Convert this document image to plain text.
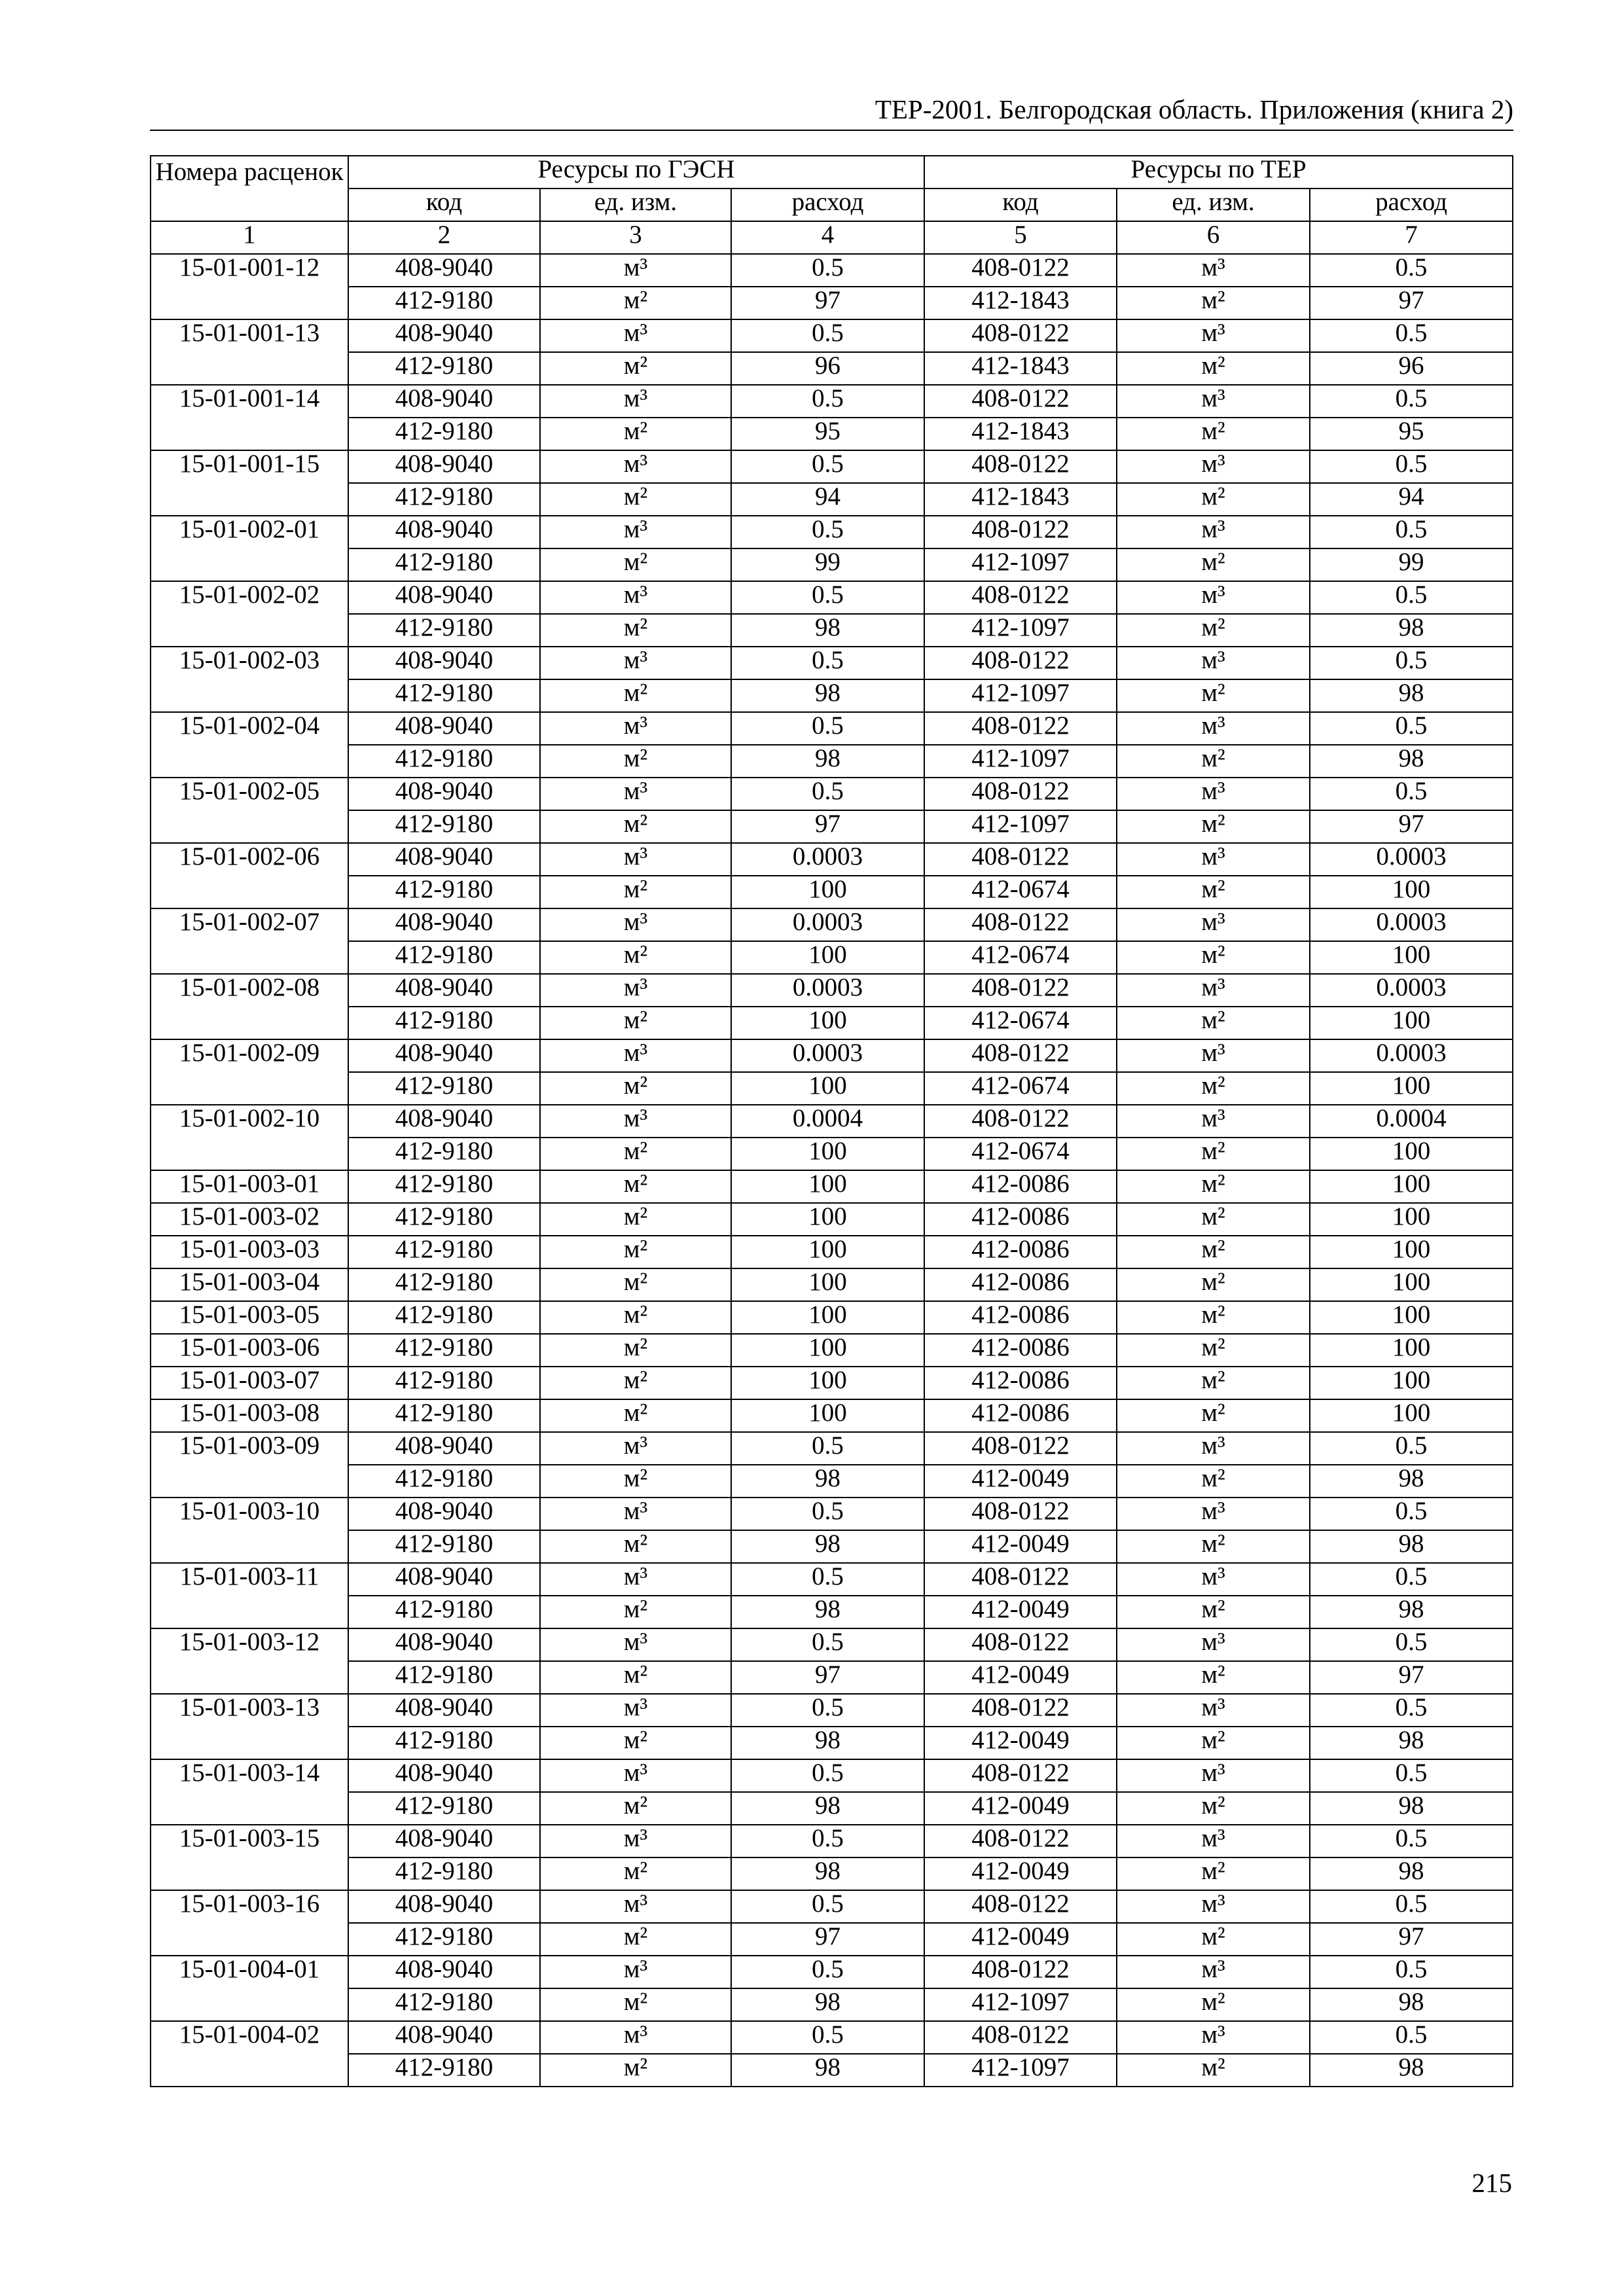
ТЕР-2001. Белгородская область. Приложения (книга 2)
Номера расценок	Ресурсы по ГЭСН			Ресурсы по ТЕР		
	код	ед. изм.	расход	код	ед. изм.	расход
1	2	3	4	5	6	7
15-01-001-12	408-9040	м³	0.5	408-0122	м³	0.5
	412-9180	м²	97	412-1843	м²	97
15-01-001-13	408-9040	м³	0.5	408-0122	м³	0.5
	412-9180	м²	96	412-1843	м²	96
15-01-001-14	408-9040	м³	0.5	408-0122	м³	0.5
	412-9180	м²	95	412-1843	м²	95
15-01-001-15	408-9040	м³	0.5	408-0122	м³	0.5
	412-9180	м²	94	412-1843	м²	94
15-01-002-01	408-9040	м³	0.5	408-0122	м³	0.5
	412-9180	м²	99	412-1097	м²	99
15-01-002-02	408-9040	м³	0.5	408-0122	м³	0.5
	412-9180	м²	98	412-1097	м²	98
15-01-002-03	408-9040	м³	0.5	408-0122	м³	0.5
	412-9180	м²	98	412-1097	м²	98
15-01-002-04	408-9040	м³	0.5	408-0122	м³	0.5
	412-9180	м²	98	412-1097	м²	98
15-01-002-05	408-9040	м³	0.5	408-0122	м³	0.5
	412-9180	м²	97	412-1097	м²	97
15-01-002-06	408-9040	м³	0.0003	408-0122	м³	0.0003
	412-9180	м²	100	412-0674	м²	100
15-01-002-07	408-9040	м³	0.0003	408-0122	м³	0.0003
	412-9180	м²	100	412-0674	м²	100
15-01-002-08	408-9040	м³	0.0003	408-0122	м³	0.0003
	412-9180	м²	100	412-0674	м²	100
15-01-002-09	408-9040	м³	0.0003	408-0122	м³	0.0003
	412-9180	м²	100	412-0674	м²	100
15-01-002-10	408-9040	м³	0.0004	408-0122	м³	0.0004
	412-9180	м²	100	412-0674	м²	100
15-01-003-01	412-9180	м²	100	412-0086	м²	100
15-01-003-02	412-9180	м²	100	412-0086	м²	100
15-01-003-03	412-9180	м²	100	412-0086	м²	100
15-01-003-04	412-9180	м²	100	412-0086	м²	100
15-01-003-05	412-9180	м²	100	412-0086	м²	100
15-01-003-06	412-9180	м²	100	412-0086	м²	100
15-01-003-07	412-9180	м²	100	412-0086	м²	100
15-01-003-08	412-9180	м²	100	412-0086	м²	100
15-01-003-09	408-9040	м³	0.5	408-0122	м³	0.5
	412-9180	м²	98	412-0049	м²	98
15-01-003-10	408-9040	м³	0.5	408-0122	м³	0.5
	412-9180	м²	98	412-0049	м²	98
15-01-003-11	408-9040	м³	0.5	408-0122	м³	0.5
	412-9180	м²	98	412-0049	м²	98
15-01-003-12	408-9040	м³	0.5	408-0122	м³	0.5
	412-9180	м²	97	412-0049	м²	97
15-01-003-13	408-9040	м³	0.5	408-0122	м³	0.5
	412-9180	м²	98	412-0049	м²	98
15-01-003-14	408-9040	м³	0.5	408-0122	м³	0.5
	412-9180	м²	98	412-0049	м²	98
15-01-003-15	408-9040	м³	0.5	408-0122	м³	0.5
	412-9180	м²	98	412-0049	м²	98
15-01-003-16	408-9040	м³	0.5	408-0122	м³	0.5
	412-9180	м²	97	412-0049	м²	97
15-01-004-01	408-9040	м³	0.5	408-0122	м³	0.5
	412-9180	м²	98	412-1097	м²	98
15-01-004-02	408-9040	м³	0.5	408-0122	м³	0.5
	412-9180	м²	98	412-1097	м²	98
215
